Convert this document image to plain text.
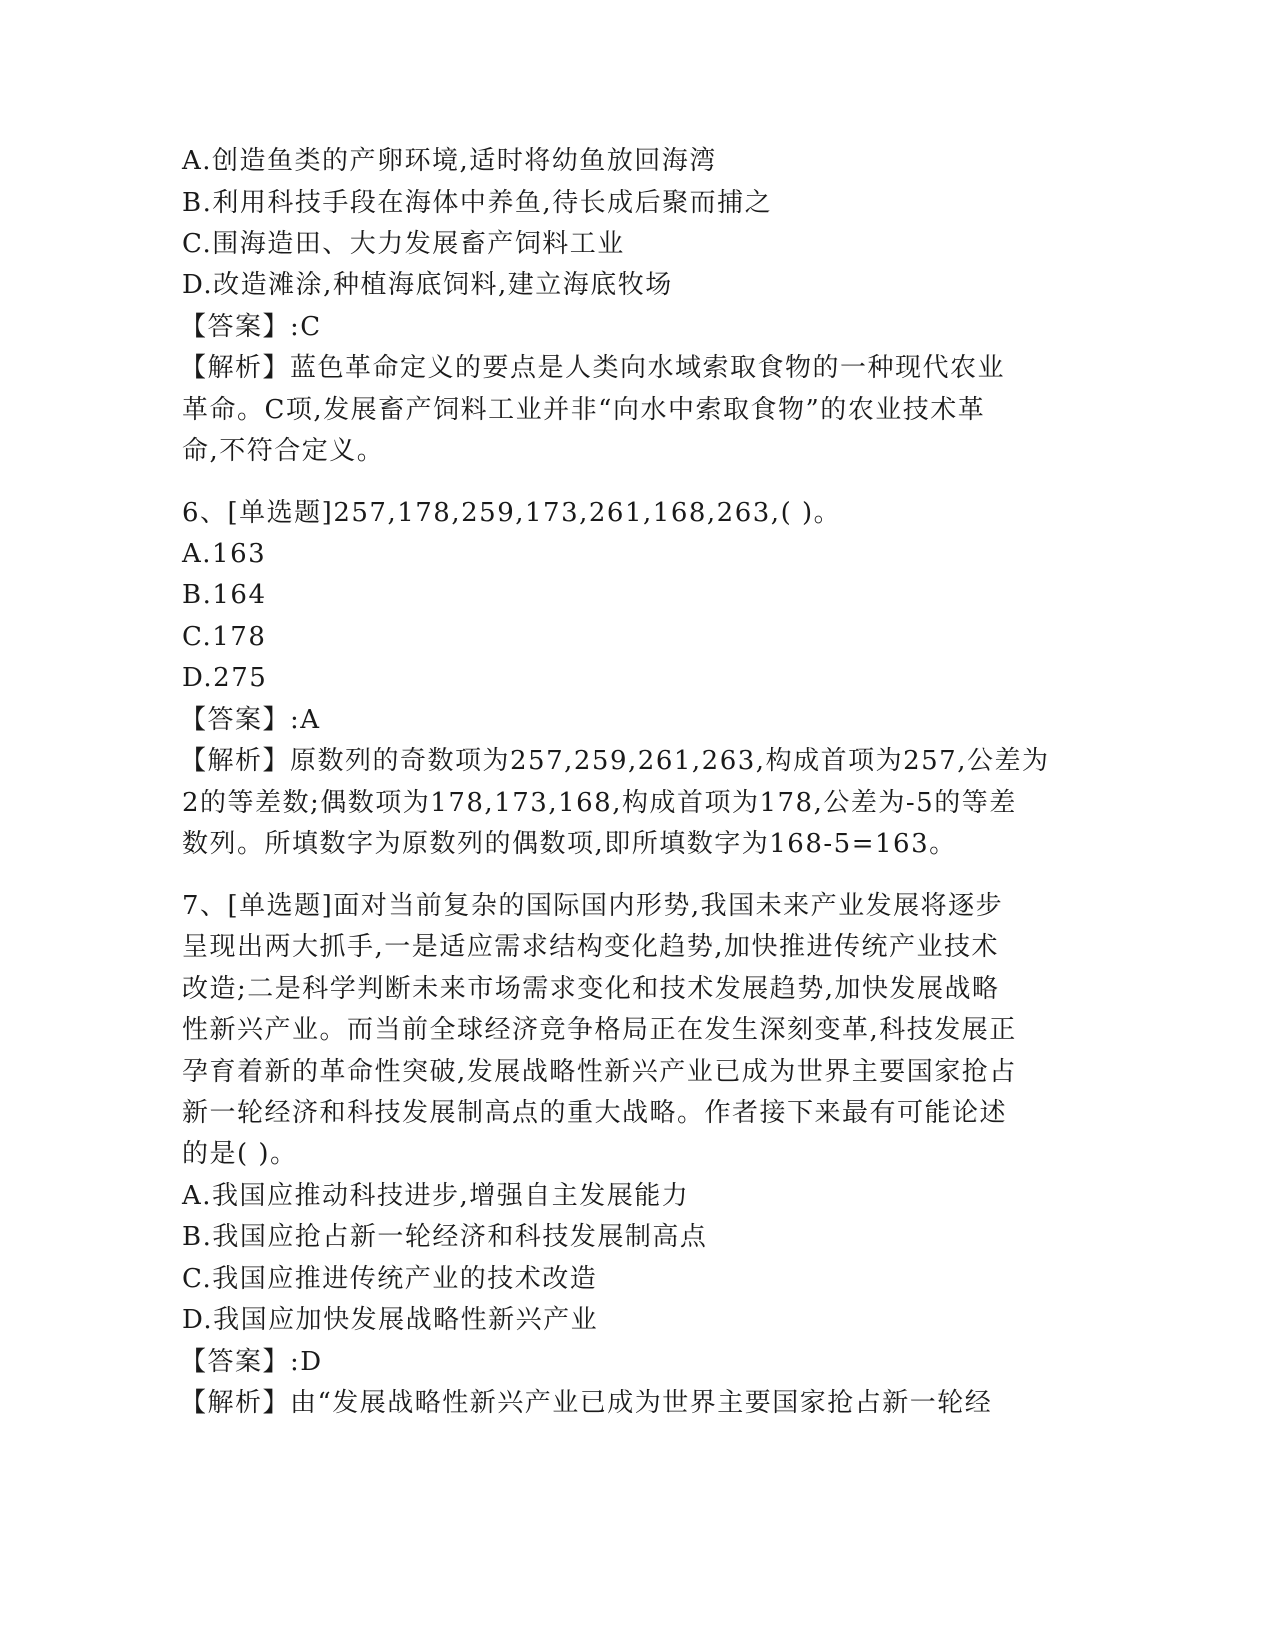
A.创造鱼类的产卵环境,适时将幼鱼放回海湾
B.利用科技手段在海体中养鱼,待长成后聚而捕之
C.围海造田、大力发展畜产饲料工业
D.改造滩涂,种植海底饲料,建立海底牧场
【答案】:C
【解析】蓝色革命定义的要点是人类向水域索取食物的一种现代农业
革命。C项,发展畜产饲料工业并非“向水中索取食物”的农业技术革
命,不符合定义。
6、[单选题]257,178,259,173,261,168,263,( )。
A.163
B.164
C.178
D.275
【答案】:A
【解析】原数列的奇数项为257,259,261,263,构成首项为257,公差为
2的等差数;偶数项为178,173,168,构成首项为178,公差为-5的等差
数列。所填数字为原数列的偶数项,即所填数字为168-5=163。
7、[单选题]面对当前复杂的国际国内形势,我国未来产业发展将逐步
呈现出两大抓手,一是适应需求结构变化趋势,加快推进传统产业技术
改造;二是科学判断未来市场需求变化和技术发展趋势,加快发展战略
性新兴产业。而当前全球经济竞争格局正在发生深刻变革,科技发展正
孕育着新的革命性突破,发展战略性新兴产业已成为世界主要国家抢占
新一轮经济和科技发展制高点的重大战略。作者接下来最有可能论述
的是( )。
A.我国应推动科技进步,增强自主发展能力
B.我国应抢占新一轮经济和科技发展制高点
C.我国应推进传统产业的技术改造
D.我国应加快发展战略性新兴产业
【答案】:D
【解析】由“发展战略性新兴产业已成为世界主要国家抢占新一轮经
